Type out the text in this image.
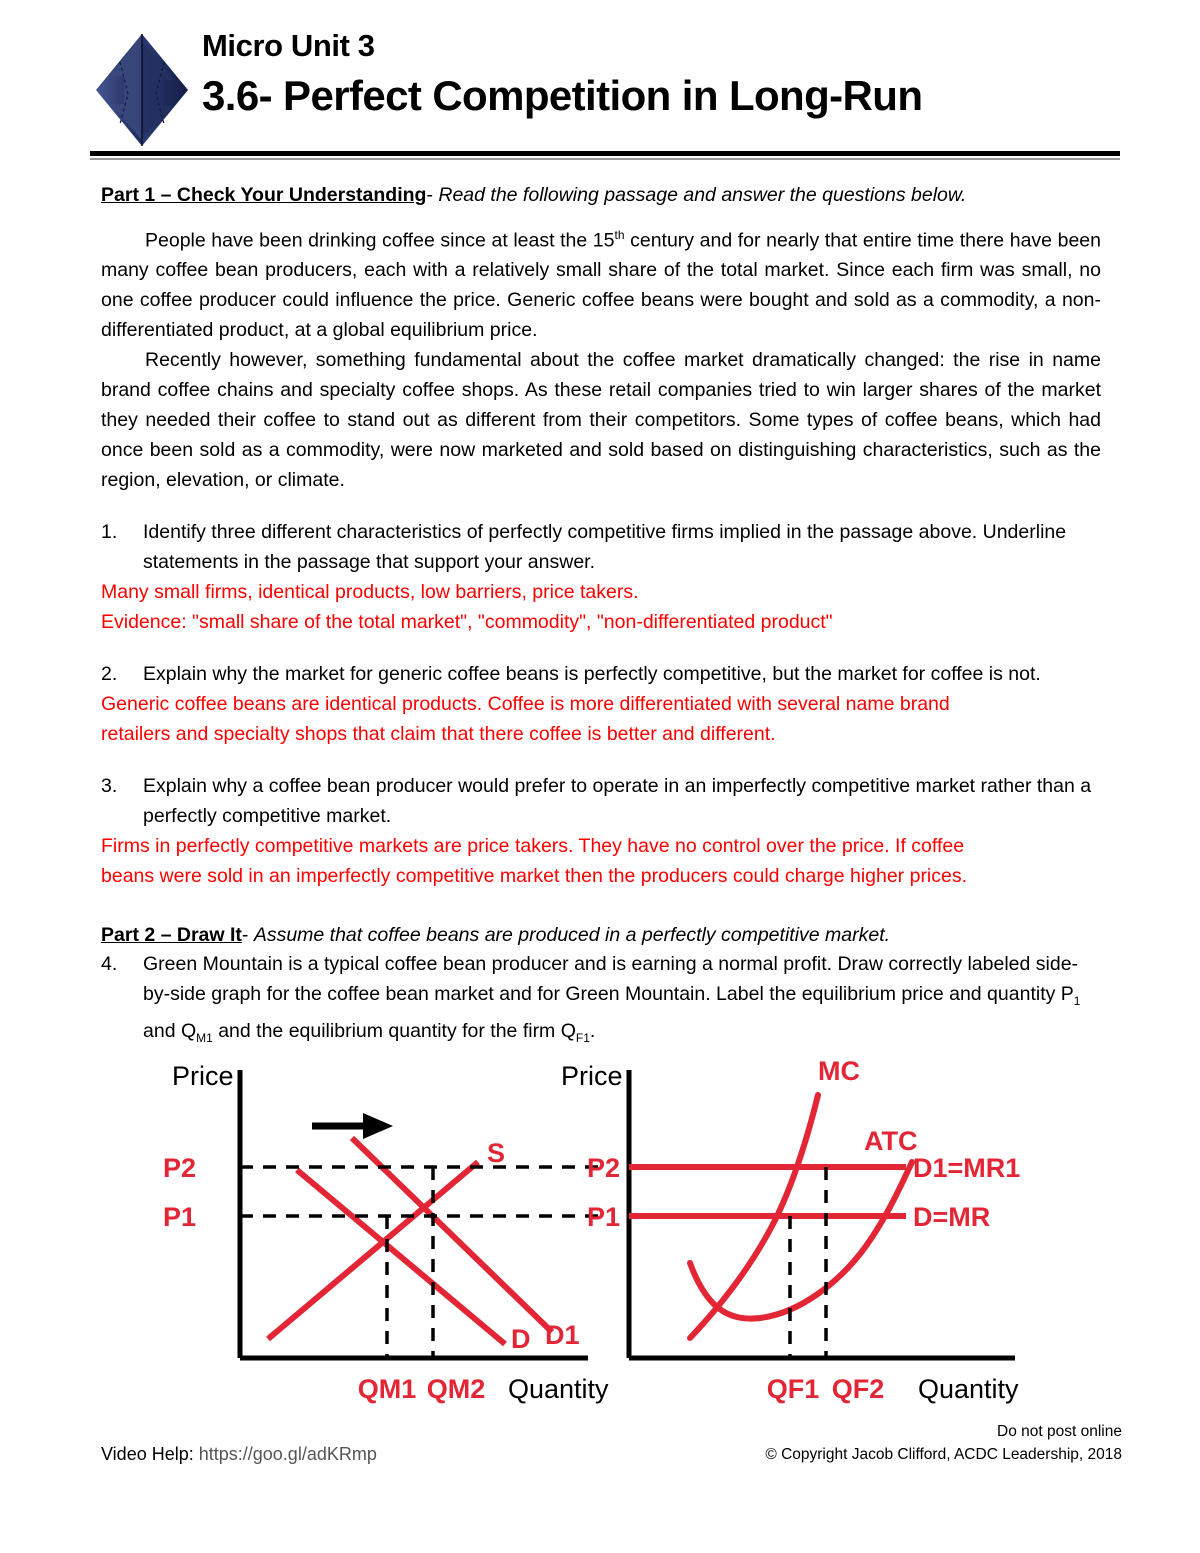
Micro Unit 3
3.6- Perfect Competition in Long-Run
Part 1 – Check Your Understanding- Read the following passage and answer the questions below.

People have been drinking coffee since at least the 15th century and for nearly that entire time there have been many coffee bean producers, each with a relatively small share of the total market. Since each firm was small, no one coffee producer could influence the price. Generic coffee beans were bought and sold as a commodity, a non-differentiated product, at a global equilibrium price.

Recently however, something fundamental about the coffee market dramatically changed: the rise in name brand coffee chains and specialty coffee shops. As these retail companies tried to win larger shares of the market they needed their coffee to stand out as different from their competitors. Some types of coffee beans, which had once been sold as a commodity, were now marketed and sold based on distinguishing characteristics, such as the region, elevation, or climate.

1.	Identify three different characteristics of perfectly competitive firms implied in the passage above. Underline statements in the passage that support your answer.
Many small firms, identical products, low barriers, price takers.
Evidence: "small share of the total market", "commodity", "non-differentiated product"
2.	Explain why the market for generic coffee beans is perfectly competitive, but the market for coffee is not.
Generic coffee beans are identical products. Coffee is more differentiated with several name brand
retailers and specialty shops that claim that there coffee is better and different.
3.	Explain why a coffee bean producer would prefer to operate in an imperfectly competitive market rather than a perfectly competitive market.
Firms in perfectly competitive markets are price takers. They have no control over the price. If coffee
beans were sold in an imperfectly competitive market then the producers could charge higher prices.
Part 2 – Draw It- Assume that coffee beans are produced in a perfectly competitive market.
4.	Green Mountain is a typical coffee bean producer and is earning a normal profit. Draw correctly labeled side-by-side graph for the coffee bean market and for Green Mountain. Label the equilibrium price and quantity $P_1$ and $Q_{M1}$ and the equilibrium quantity for the firm $Q_{F1}$.
Price
Quantity
S
D D1
P2
P1
QM1 QM2
Price
Quantity
P2
P1
ATC
MC
D1=MR1
D=MR
QF1 QF2
Video Help: https://goo.gl/adKRmp
Do not post online
© Copyright Jacob Clifford, ACDC Leadership, 2018
